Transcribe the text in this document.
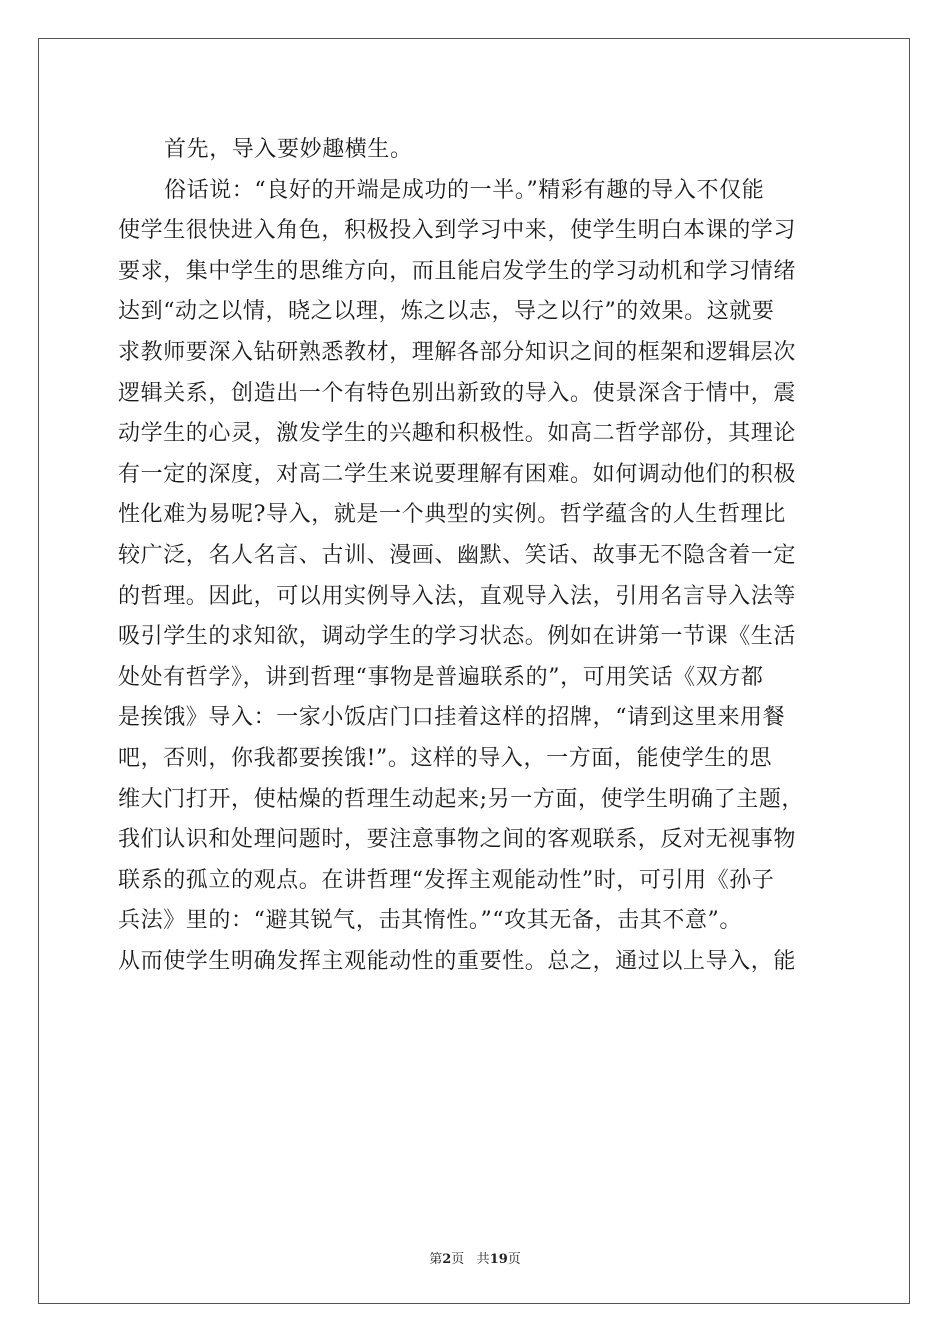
首先，导入要妙趣横生。
俗话说：“良好的开端是成功的一半。”精彩有趣的导入不仅能
使学生很快进入角色，积极投入到学习中来，使学生明白本课的学习
要求，集中学生的思维方向，而且能启发学生的学习动机和学习情绪
达到“动之以情，晓之以理，炼之以志，导之以行”的效果。这就要
求教师要深入钻研熟悉教材，理解各部分知识之间的框架和逻辑层次
逻辑关系，创造出一个有特色别出新致的导入。使景深含于情中，震
动学生的心灵，激发学生的兴趣和积极性。如高二哲学部份，其理论
有一定的深度，对高二学生来说要理解有困难。如何调动他们的积极
性化难为易呢?导入，就是一个典型的实例。哲学蕴含的人生哲理比
较广泛，名人名言、古训、漫画、幽默、笑话、故事无不隐含着一定
的哲理。因此，可以用实例导入法，直观导入法，引用名言导入法等
吸引学生的求知欲，调动学生的学习状态。例如在讲第一节课《生活
处处有哲学》，讲到哲理“事物是普遍联系的”，可用笑话《双方都
是挨饿》导入：一家小饭店门口挂着这样的招牌，“请到这里来用餐
吧，否则，你我都要挨饿!”。这样的导入，一方面，能使学生的思
维大门打开，使枯燥的哲理生动起来;另一方面，使学生明确了主题，
我们认识和处理问题时，要注意事物之间的客观联系，反对无视事物
联系的孤立的观点。在讲哲理“发挥主观能动性”时，可引用《孙子
兵法》里的：“避其锐气，击其惰性。”“攻其无备，击其不意”。
从而使学生明确发挥主观能动性的重要性。总之，通过以上导入，能
第2页 共19页
